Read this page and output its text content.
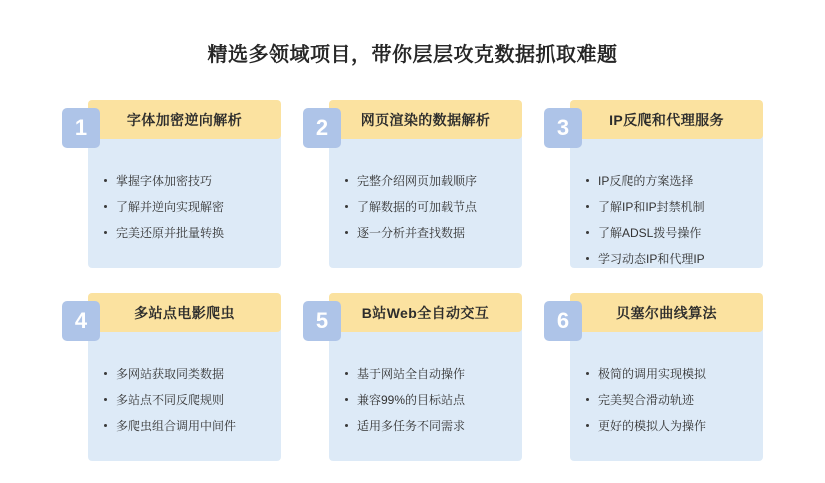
精选多领域项目，带你层层攻克数据抓取难题
1	字体加密逆向解析
掌握字体加密技巧
了解并逆向实现解密
完美还原并批量转换
2	网页渲染的数据解析
完整介绍网页加载顺序
了解数据的可加载节点
逐一分析并查找数据
3	IP反爬和代理服务
IP反爬的方案选择
了解IP和IP封禁机制
了解ADSL拨号操作
学习动态IP和代理IP
4	多站点电影爬虫
多网站获取同类数据
多站点不同反爬规则
多爬虫组合调用中间件
5	B站Web全自动交互
基于网站全自动操作
兼容99%的目标站点
适用多任务不同需求
6	贝塞尔曲线算法
极简的调用实现模拟
完美契合滑动轨迹
更好的模拟人为操作
